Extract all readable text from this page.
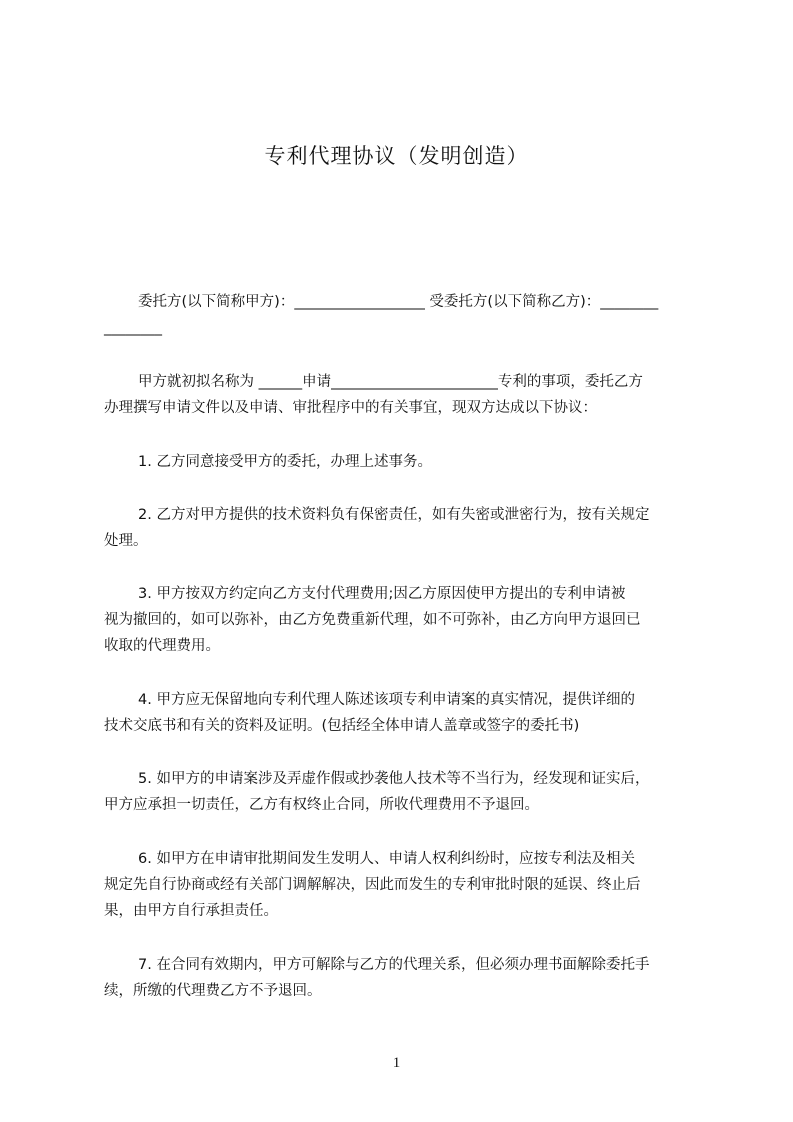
专利代理协议（发明创造）
委托方(以下简称甲方)：__________________ 受委托方(以下简称乙方)：________
________
甲方就初拟名称为 ______申请_______________________专利的事项，委托乙方
办理撰写申请文件以及申请、审批程序中的有关事宜，现双方达成以下协议：
1. 乙方同意接受甲方的委托，办理上述事务。
2. 乙方对甲方提供的技术资料负有保密责任，如有失密或泄密行为，按有关规定
处理。
3. 甲方按双方约定向乙方支付代理费用;因乙方原因使甲方提出的专利申请被
视为撤回的，如可以弥补，由乙方免费重新代理，如不可弥补，由乙方向甲方退回已
收取的代理费用。
4. 甲方应无保留地向专利代理人陈述该项专利申请案的真实情况，提供详细的
技术交底书和有关的资料及证明。(包括经全体申请人盖章或签字的委托书)
5. 如甲方的申请案涉及弄虚作假或抄袭他人技术等不当行为，经发现和证实后，
甲方应承担一切责任，乙方有权终止合同，所收代理费用不予退回。
6. 如甲方在申请审批期间发生发明人、申请人权利纠纷时，应按专利法及相关
规定先自行协商或经有关部门调解解决，因此而发生的专利审批时限的延误、终止后
果，由甲方自行承担责任。
7. 在合同有效期内，甲方可解除与乙方的代理关系，但必须办理书面解除委托手
续，所缴的代理费乙方不予退回。
1
